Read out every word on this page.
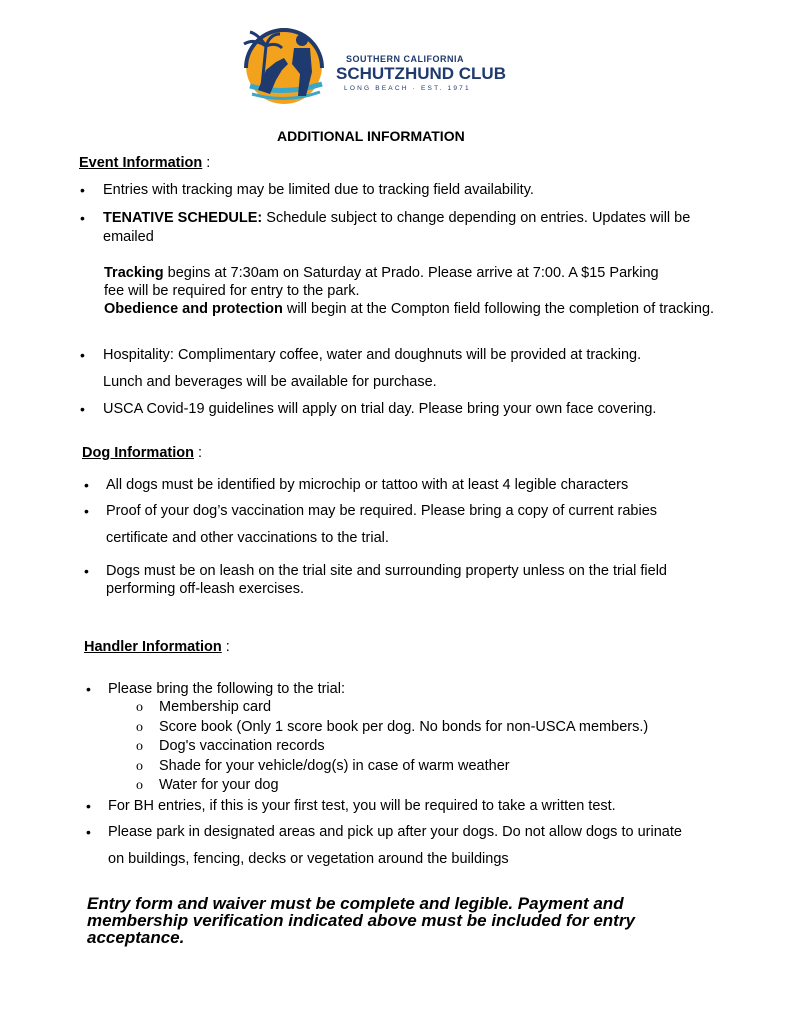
SOUTHERN CALIFORNIA
SCHUTZHUND CLUB
LONG BEACH · EST. 1971
ADDITIONAL INFORMATION
Event Information :
• Entries with tracking may be limited due to tracking field availability.
• TENATIVE SCHEDULE: Schedule subject to change depending on entries. Updates will be
emailed
Tracking begins at 7:30am on Saturday at Prado. Please arrive at 7:00. A $15 Parking
fee will be required for entry to the park.
Obedience and protection will begin at the Compton field following the completion of tracking.
• Hospitality: Complimentary coffee, water and doughnuts will be provided at tracking.
Lunch and beverages will be available for purchase.
• USCA Covid-19 guidelines will apply on trial day. Please bring your own face covering.
Dog Information :
• All dogs must be identified by microchip or tattoo with at least 4 legible characters
• Proof of your dog’s vaccination may be required. Please bring a copy of current rabies
certificate and other vaccinations to the trial.
• Dogs must be on leash on the trial site and surrounding property unless on the trial field
performing off-leash exercises.
Handler Information :
• Please bring the following to the trial:
o Membership card
o Score book (Only 1 score book per dog. No bonds for non-USCA members.)
o Dog's vaccination records
o Shade for your vehicle/dog(s) in case of warm weather
o Water for your dog
• For BH entries, if this is your first test, you will be required to take a written test.
• Please park in designated areas and pick up after your dogs. Do not allow dogs to urinate
on buildings, fencing, decks or vegetation around the buildings
Entry form and waiver must be complete and legible. Payment and
membership verification indicated above must be included for entry
acceptance.
